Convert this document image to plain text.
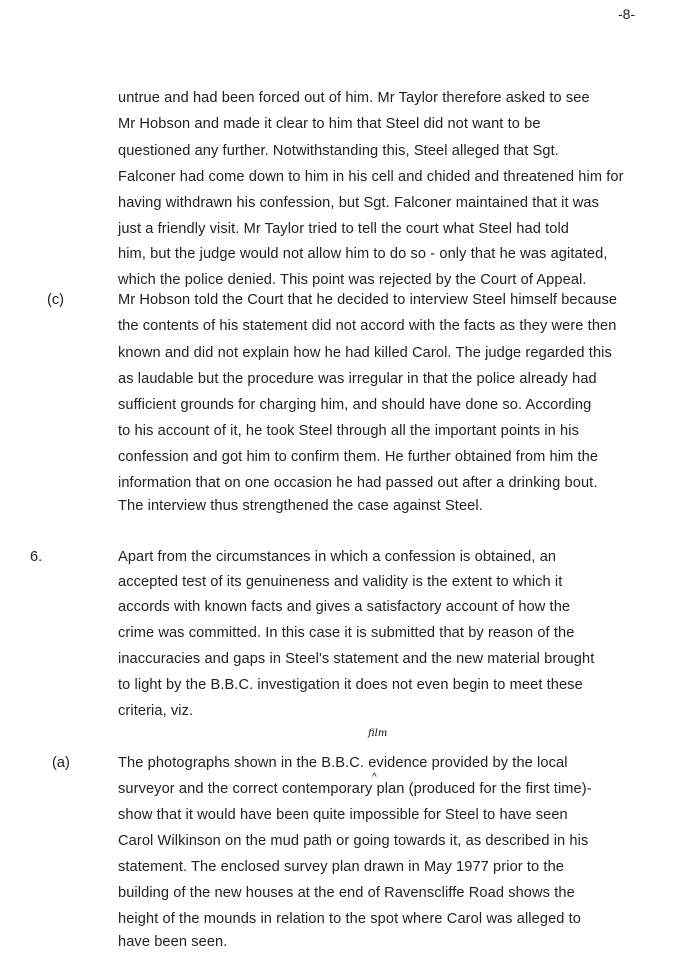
-8-
untrue and had been forced out of him. Mr Taylor therefore asked to see
Mr Hobson and made it clear to him that Steel did not want to be
questioned any further. Notwithstanding this, Steel alleged that Sgt.
Falconer had come down to him in his cell and chided and threatened him for
having withdrawn his confession, but Sgt. Falconer maintained that it was
just a friendly visit. Mr Taylor tried to tell the court what Steel had told
him, but the judge would not allow him to do so - only that he was agitated,
which the police denied. This point was rejected by the Court of Appeal.
(c)	Mr Hobson told the Court that he decided to interview Steel himself because
the contents of his statement did not accord with the facts as they were then
known and did not explain how he had killed Carol. The judge regarded this
as laudable but the procedure was irregular in that the police already had
sufficient grounds for charging him, and should have done so. According
to his account of it, he took Steel through all the important points in his
confession and got him to confirm them. He further obtained from him the
information that on one occasion he had passed out after a drinking bout.
The interview thus strengthened the case against Steel.
6.	Apart from the circumstances in which a confession is obtained, an
accepted test of its genuineness and validity is the extent to which it
accords with known facts and gives a satisfactory account of how the
crime was committed. In this case it is submitted that by reason of the
inaccuracies and gaps in Steel's statement and the new material brought
to light by the B.B.C. investigation it does not even begin to meet these
criteria, viz.
(a)	The photographs shown in the B.B.C. evidence provided by the local
surveyor and the correct contemporary plan (produced for the first time)-
show that it would have been quite impossible for Steel to have seen
Carol Wilkinson on the mud path or going towards it, as described in his
statement. The enclosed survey plan drawn in May 1977 prior to the
building of the new houses at the end of Ravenscliffe Road shows the
height of the mounds in relation to the spot where Carol was alleged to
have been seen.
film
^
